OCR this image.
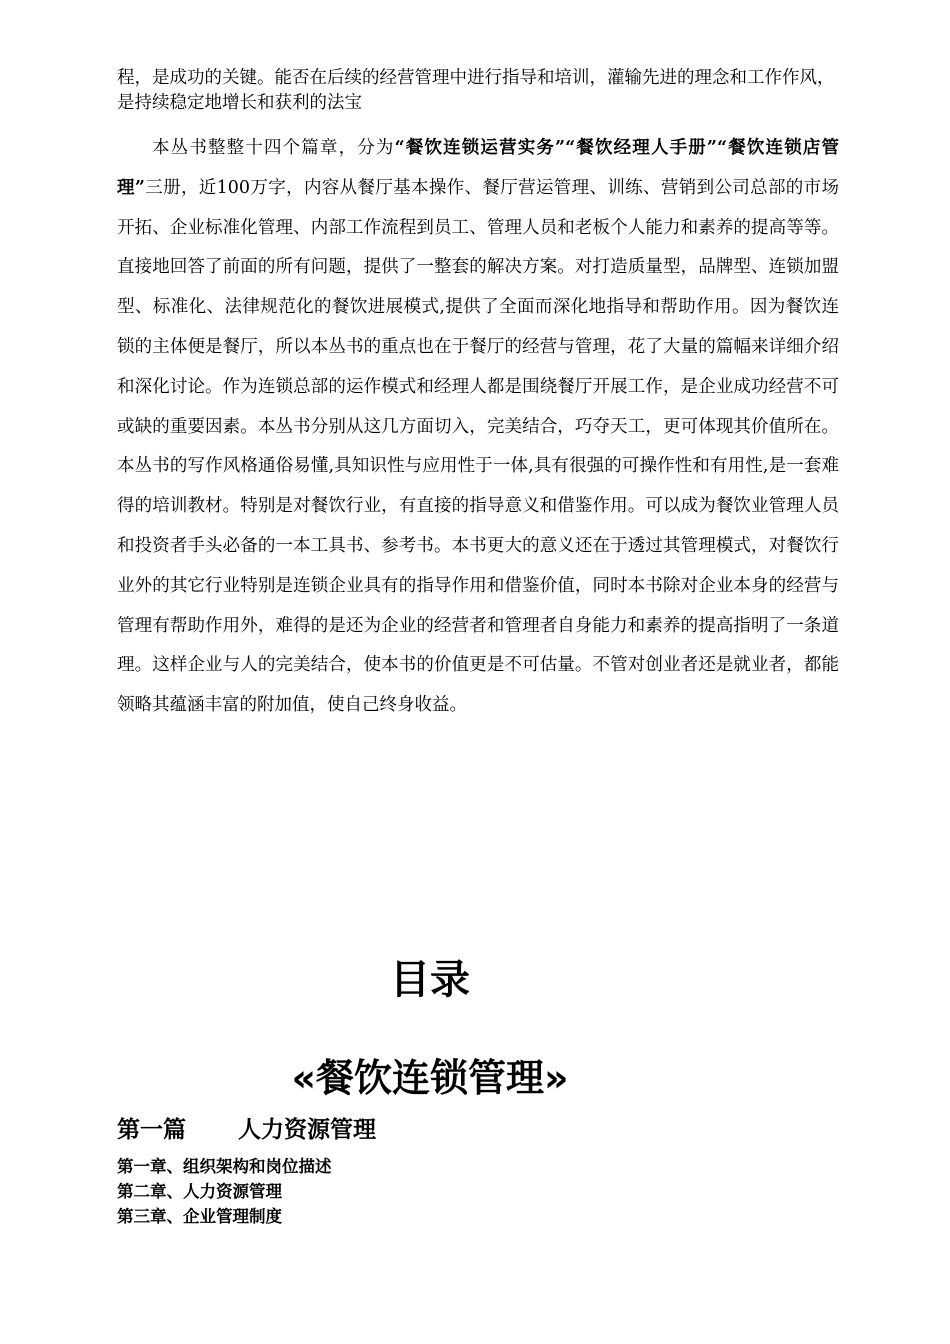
程，是成功的关键。能否在后续的经营管理中进行指导和培训，灌输先进的理念和工作作风，是持续稳定地增长和获利的法宝

本丛书整整十四个篇章，分为“餐饮连锁运营实务”“餐饮经理人手册”“餐饮连锁店管理”三册，近100万字，内容从餐厅基本操作、餐厅营运管理、训练、营销到公司总部的市场开拓、企业标准化管理、内部工作流程到员工、管理人员和老板个人能力和素养的提高等等。直接地回答了前面的所有问题，提供了一整套的解决方案。对打造质量型，品牌型、连锁加盟型、标准化、法律规范化的餐饮进展模式,提供了全面而深化地指导和帮助作用。因为餐饮连锁的主体便是餐厅，所以本丛书的重点也在于餐厅的经营与管理，花了大量的篇幅来详细介绍和深化讨论。作为连锁总部的运作模式和经理人都是围绕餐厅开展工作，是企业成功经营不可或缺的重要因素。本丛书分别从这几方面切入，完美结合，巧夺天工，更可体现其价值所在。本丛书的写作风格通俗易懂,具知识性与应用性于一体,具有很强的可操作性和有用性,是一套难得的培训教材。特别是对餐饮行业，有直接的指导意义和借鉴作用。可以成为餐饮业管理人员和投资者手头必备的一本工具书、参考书。本书更大的意义还在于透过其管理模式，对餐饮行业外的其它行业特别是连锁企业具有的指导作用和借鉴价值，同时本书除对企业本身的经营与管理有帮助作用外，难得的是还为企业的经营者和管理者自身能力和素养的提高指明了一条道理。这样企业与人的完美结合，使本书的价值更是不可估量。不管对创业者还是就业者，都能领略其蕴涵丰富的附加值，使自己终身收益。

目录
«餐饮连锁管理»
第一篇 人力资源管理
第一章、组织架构和岗位描述
第二章、人力资源管理
第三章、企业管理制度
